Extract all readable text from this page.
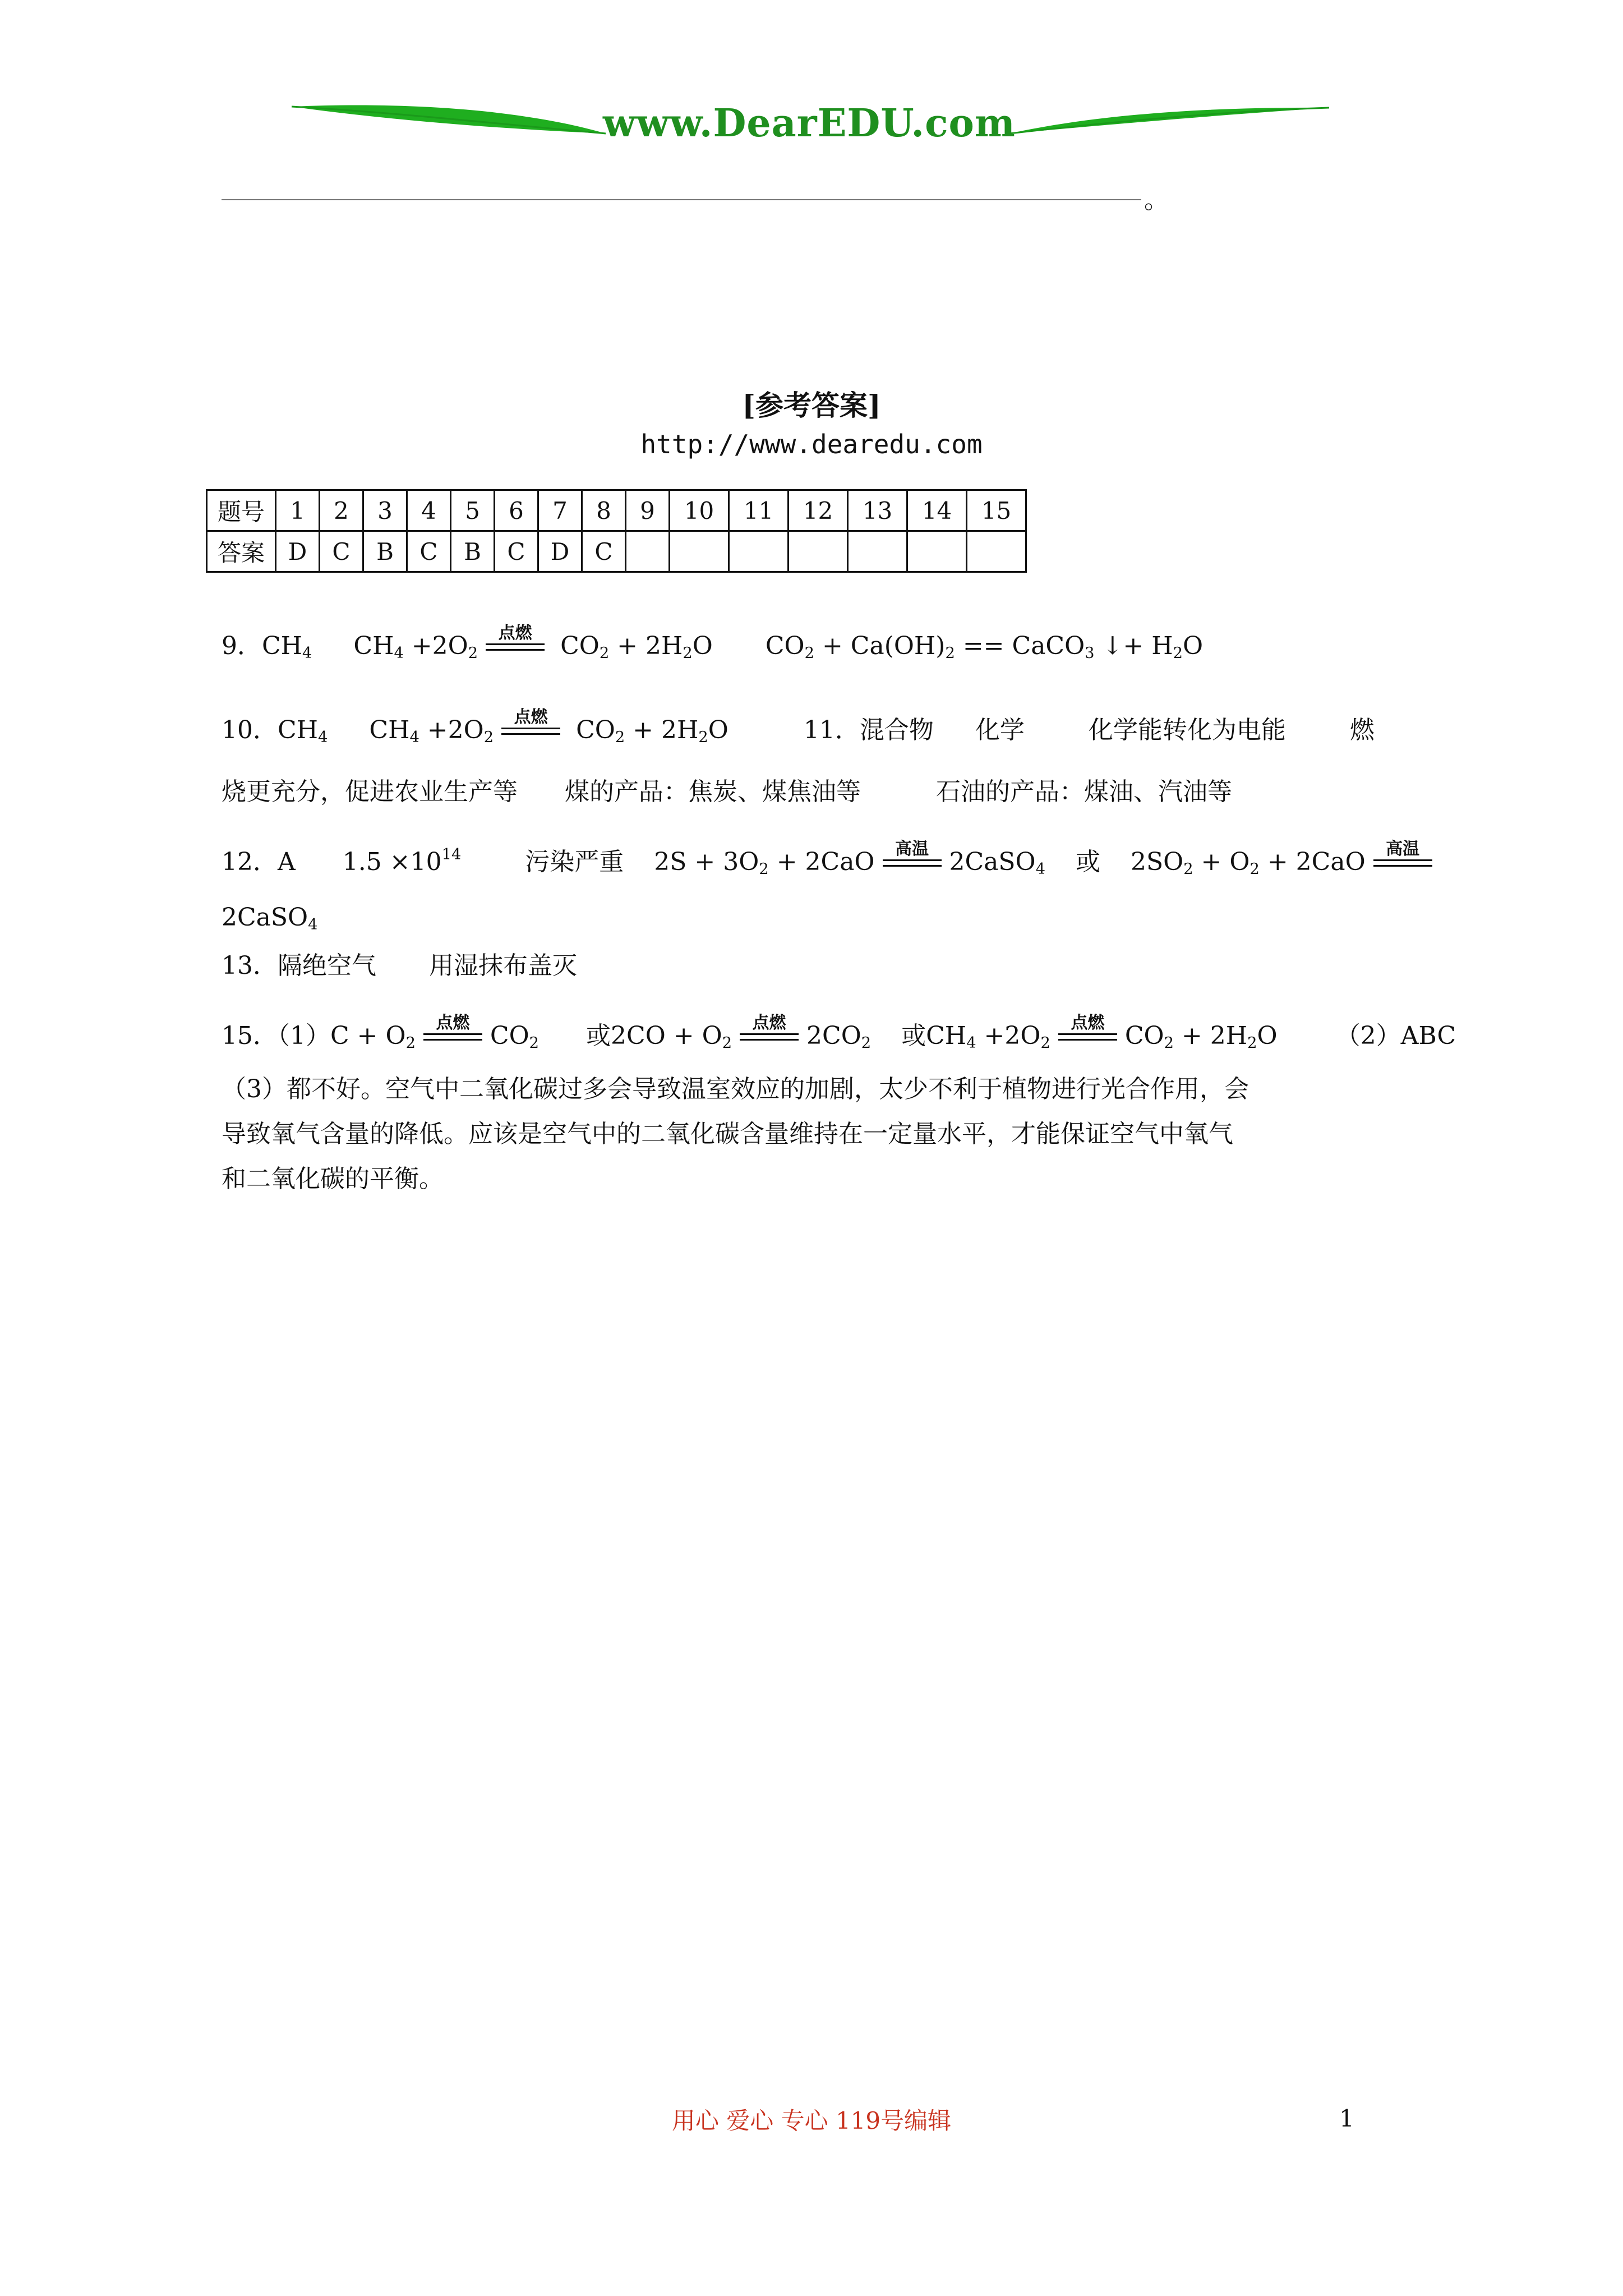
www.DearEDU.com
。
[参考答案]
http://www.dearedu.com
题号	1	2	3	4	5	6	7	8	9	10	11	12	13	14	15
答案	D	C	B	C	B	C	D	C							
9．$CH_4$ $CH_4 +2O_2$
点燃 $CO_2 + 2H_2O$ $CO_2 + Ca(OH)_2$ == CaCO$_3$ ↓+ $H_2O$
10．$CH_4$ $CH_4 +2O_2$
点燃 $CO_2 + 2H_2O$	11．混合物 化学	化学能转化为电能	燃
烧更充分，促进农业生产等 煤的产品：焦炭、煤焦油等	石油的产品：煤油、汽油等
12．A $1.5 \times 10^{14}$	污染严重 $2S + 3O_2 + 2CaO$	高温 2CaSO$_4$ 或 $2SO_2 + O_2 + 2CaO$	高温
2CaSO$_4$
13．隔绝空气 用湿抹布盖灭
15．$(1)C + O_2$
点燃 $CO_2$ 或$2CO + O_2$
点燃 $2CO_2$ 或$CH_4 +2O_2$
点燃 $CO_2 + 2H_2O$ （2）ABC
（3）都不好。空气中二氧化碳过多会导致温室效应的加剧，太少不利于植物进行光合作用，会
导致氧气含量的降低。应该是空气中的二氧化碳含量维持在一定量水平，才能保证空气中氧气
和二氧化碳的平衡。
用心 爱心 专心 119号编辑	1
